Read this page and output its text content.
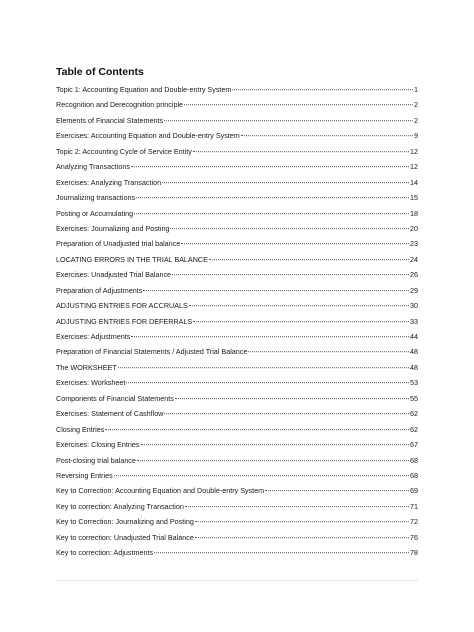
Table of Contents
Topic 1: Accounting Equation and Double-entry System	1
Recognition and Derecognition principle	2
Elements of Financial Statements	2
Exercises: Accounting Equation and Double-entry System	9
Topic 2: Accounting Cycle of Service Entity	12
Analyzing Transactions	12
Exercises: Analyzing Transaction	14
Journalizing transactions	15
Posting or Accumulating	18
Exercises: Journalizing and Posting	20
Preparation of Unadjusted trial balance	23
LOCATING ERRORS IN THE TRIAL BALANCE	24
Exercises: Unadjusted Trial Balance	26
Preparation of Adjustments	29
ADJUSTING ENTRIES FOR ACCRUALS	30
ADJUSTING ENTRIES FOR DEFERRALS	33
Exercises: Adjustments	44
Preparation of Financial Statements / Adjusted Trial Balance	48
The WORKSHEET	48
Exercises: Worksheet	53
Components of Financial Statements	55
Exercises: Statement of Cashflow	62
Closing Entries	62
Exercises: Closing Entries	67
Post-closing trial balance	68
Reversing Entries	68
Key to Correction: Accounting Equation and Double-entry System	69
Key to correction: Analyzing Transaction	71
Key to Correction: Journalizing and Posting	72
Key to correction: Unadjusted Trial Balance	76
Key to correction: Adjustments	78
